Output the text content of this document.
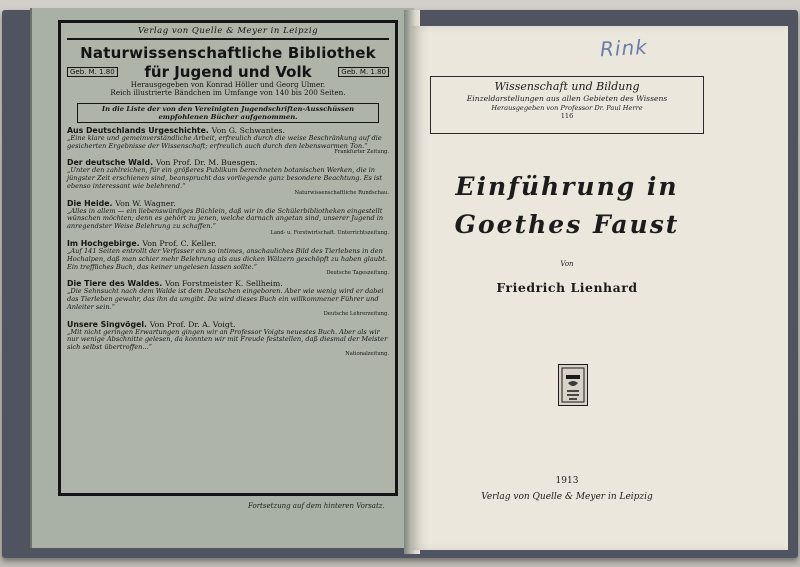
Verlag von Quelle & Meyer in Leipzig
Naturwissenschaftliche Bibliothek
Geb. M. 1.80 für Jugend und Volk	Geb. M. 1.80
Herausgegeben von Konrad Höller und Georg Ulmer.
Reich illustrierte Bändchen im Umfange von 140 bis 200 Seiten.
In die Liste der von den Vereinigten Jugendschriften-Ausschüssen empfohlenen Bücher aufgenommen.
Aus Deutschlands Urgeschichte. Von G. Schwantes.
„Eine klare und gemeinverständliche Arbeit, erfreulich durch die weise Beschränkung auf die gesicherten Ergebnisse der Wissenschaft; erfreulich auch durch den lebenswarmen Ton.“
Frankfurter Zeitung.
Der deutsche Wald. Von Prof. Dr. M. Buesgen.
„Unter den zahlreichen, für ein größeres Publikum berechneten botanischen Werken, die in jüngster Zeit erschienen sind, beansprucht das vorliegende ganz besondere Beachtung. Es ist ebenso interessant wie belehrend.“
Naturwissenschaftliche Rundschau.
Die Heide. Von W. Wagner.
„Alles in allem — ein liebenswürdiges Büchlein, daß wir in die Schülerbibliotheken eingestellt wünschen möchten; denn es gehört zu jenen, welche darnach angetan sind, unserer Jugend in anregendster Weise Belehrung zu schaffen.“
Land- u. Forstwirtschaft. Unterrichtszeitung.
Im Hochgebirge. Von Prof. C. Keller.
„Auf 141 Seiten entrollt der Verfasser ein so intimes, anschauliches Bild des Tierlebens in den Hochalpen, daß man schier mehr Belehrung als aus dicken Wälzern geschöpft zu haben glaubt. Ein treffliches Buch, das keiner ungelesen lassen sollte.“
Deutsche Tageszeitung.
Die Tiere des Waldes. Von Forstmeister K. Sellheim.
„Die Sehnsucht nach dem Walde ist dem Deutschen eingeboren. Aber wie wenig wird er dabei das Tierleben gewahr, das ihn da umgibt. Da wird dieses Buch ein willkommener Führer und Anleiter sein.“
Deutsche Lehrerzeitung.
Unsere Singvögel. Von Prof. Dr. A. Voigt.
„Mit nicht geringen Erwartungen gingen wir an Professor Voigts neuestes Buch. Aber als wir nur wenige Abschnitte gelesen, da konnten wir mit Freude feststellen, daß diesmal der Meister sich selbst übertroffen...“
Nationalzeitung.
Fortsetzung auf dem hinteren Vorsatz.
Rink
Wissenschaft und Bildung
Einzeldarstellungen aus allen Gebieten des Wissens
Herausgegeben von Professor Dr. Paul Herre
116
Einführung in
Goethes Faust
Von
Friedrich Lienhard
1913
Verlag von Quelle & Meyer in Leipzig
